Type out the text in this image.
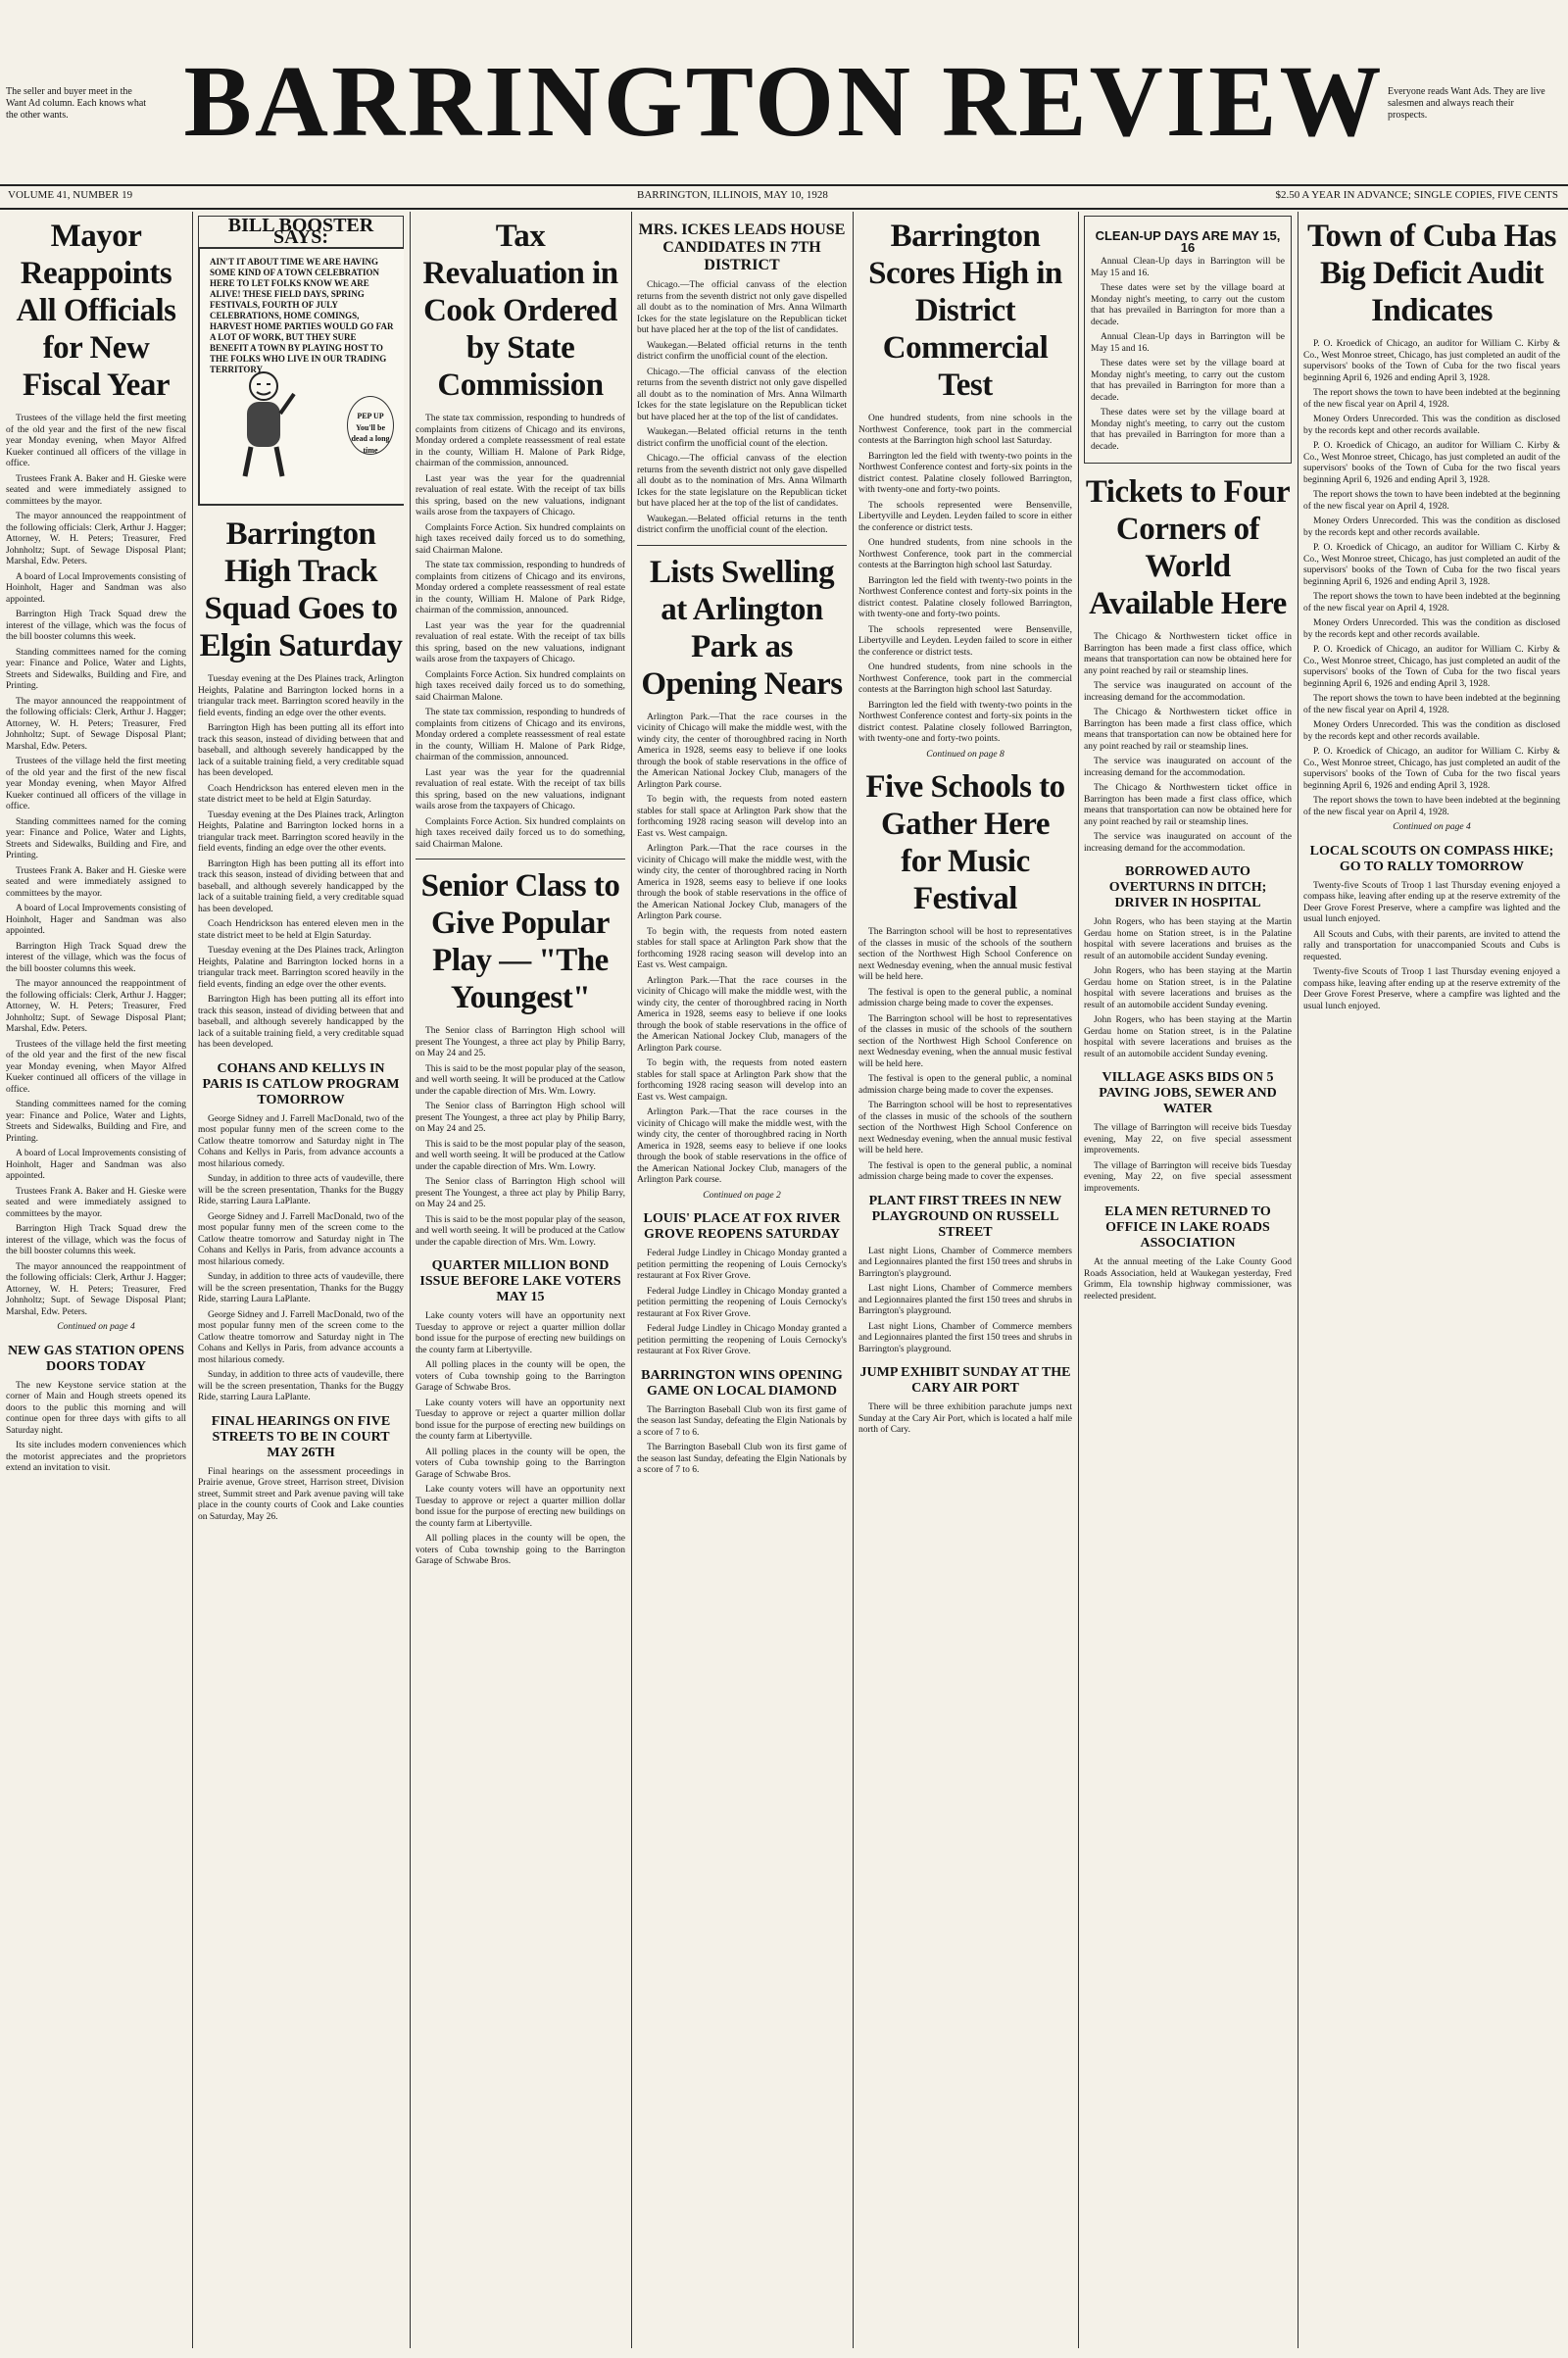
The seller and buyer meet in the Want Ad column. Each knows what the other wants.	BARRINGTON REVIEW Everyone reads Want Ads. They are live salesmen and always reach their prospects.
VOLUME 41, NUMBER 19	BARRINGTON, ILLINOIS, MAY 10, 1928	$2.50 A YEAR IN ADVANCE; SINGLE COPIES, FIVE CENTS
Mayor Reappoints All Officials for New Fiscal Year

Trustees of the village held the first meeting of the old year and the first of the new fiscal year Monday evening, when Mayor Alfred Kueker continued all officers of the village in office.

Trustees Frank A. Baker and H. Gieske were seated and were immediately assigned to committees by the mayor.

The mayor announced the reappointment of the following officials: Clerk, Arthur J. Hagger; Attorney, W. H. Peters; Treasurer, Fred Johnholtz; Supt. of Sewage Disposal Plant; Marshal, Edw. Peters.

A board of Local Improvements consisting of Hoinholt, Hager and Sandman was also appointed.

Barrington High Track Squad drew the interest of the village, which was the focus of the bill booster columns this week.

Standing committees named for the coming year: Finance and Police, Water and Lights, Streets and Sidewalks, Building and Fire, and Printing.

The mayor announced the reappointment of the following officials: Clerk, Arthur J. Hagger; Attorney, W. H. Peters; Treasurer, Fred Johnholtz; Supt. of Sewage Disposal Plant; Marshal, Edw. Peters.

Trustees of the village held the first meeting of the old year and the first of the new fiscal year Monday evening, when Mayor Alfred Kueker continued all officers of the village in office.

Standing committees named for the coming year: Finance and Police, Water and Lights, Streets and Sidewalks, Building and Fire, and Printing.

Trustees Frank A. Baker and H. Gieske were seated and were immediately assigned to committees by the mayor.

A board of Local Improvements consisting of Hoinholt, Hager and Sandman was also appointed.

Barrington High Track Squad drew the interest of the village, which was the focus of the bill booster columns this week.

The mayor announced the reappointment of the following officials: Clerk, Arthur J. Hagger; Attorney, W. H. Peters; Treasurer, Fred Johnholtz; Supt. of Sewage Disposal Plant; Marshal, Edw. Peters.

Trustees of the village held the first meeting of the old year and the first of the new fiscal year Monday evening, when Mayor Alfred Kueker continued all officers of the village in office.

Standing committees named for the coming year: Finance and Police, Water and Lights, Streets and Sidewalks, Building and Fire, and Printing.

A board of Local Improvements consisting of Hoinholt, Hager and Sandman was also appointed.

Trustees Frank A. Baker and H. Gieske were seated and were immediately assigned to committees by the mayor.

Barrington High Track Squad drew the interest of the village, which was the focus of the bill booster columns this week.

The mayor announced the reappointment of the following officials: Clerk, Arthur J. Hagger; Attorney, W. H. Peters; Treasurer, Fred Johnholtz; Supt. of Sewage Disposal Plant; Marshal, Edw. Peters.

Continued on page 4
NEW GAS STATION OPENS DOORS TODAY

The new Keystone service station at the corner of Main and Hough streets opened its doors to the public this morning and will continue open for three days with gifts to all Saturday night.

Its site includes modern conveniences which the motorist appreciates and the proprietors extend an invitation to visit.

BILL BOOSTER SAYS:
AIN'T IT ABOUT TIME WE ARE HAVING SOME KIND OF A TOWN CELEBRATION HERE TO LET FOLKS KNOW WE ARE ALIVE! THESE FIELD DAYS, SPRING FESTIVALS, FOURTH OF JULY CELEBRATIONS, HOME COMINGS, HARVEST HOME PARTIES WOULD GO FAR A LOT OF WORK, BUT THEY SURE BENEFIT A TOWN BY PLAYING HOST TO THE FOLKS WHO LIVE IN OUR TRADING TERRITORY
PEP UP You'll be dead a long time
Barrington High Track Squad Goes to Elgin Saturday

Tuesday evening at the Des Plaines track, Arlington Heights, Palatine and Barrington locked horns in a triangular track meet. Barrington scored heavily in the field events, finding an edge over the other events.

Barrington High has been putting all its effort into track this season, instead of dividing between that and baseball, and although severely handicapped by the lack of a suitable training field, a very creditable squad has been developed.

Coach Hendrickson has entered eleven men in the state district meet to be held at Elgin Saturday.

Tuesday evening at the Des Plaines track, Arlington Heights, Palatine and Barrington locked horns in a triangular track meet. Barrington scored heavily in the field events, finding an edge over the other events.

Barrington High has been putting all its effort into track this season, instead of dividing between that and baseball, and although severely handicapped by the lack of a suitable training field, a very creditable squad has been developed.

Coach Hendrickson has entered eleven men in the state district meet to be held at Elgin Saturday.

Tuesday evening at the Des Plaines track, Arlington Heights, Palatine and Barrington locked horns in a triangular track meet. Barrington scored heavily in the field events, finding an edge over the other events.

Barrington High has been putting all its effort into track this season, instead of dividing between that and baseball, and although severely handicapped by the lack of a suitable training field, a very creditable squad has been developed.

COHANS AND KELLYS IN PARIS IS CATLOW PROGRAM TOMORROW

George Sidney and J. Farrell MacDonald, two of the most popular funny men of the screen come to the Catlow theatre tomorrow and Saturday night in The Cohans and Kellys in Paris, from advance accounts a most hilarious comedy.

Sunday, in addition to three acts of vaudeville, there will be the screen presentation, Thanks for the Buggy Ride, starring Laura LaPlante.

George Sidney and J. Farrell MacDonald, two of the most popular funny men of the screen come to the Catlow theatre tomorrow and Saturday night in The Cohans and Kellys in Paris, from advance accounts a most hilarious comedy.

Sunday, in addition to three acts of vaudeville, there will be the screen presentation, Thanks for the Buggy Ride, starring Laura LaPlante.

George Sidney and J. Farrell MacDonald, two of the most popular funny men of the screen come to the Catlow theatre tomorrow and Saturday night in The Cohans and Kellys in Paris, from advance accounts a most hilarious comedy.

Sunday, in addition to three acts of vaudeville, there will be the screen presentation, Thanks for the Buggy Ride, starring Laura LaPlante.

FINAL HEARINGS ON FIVE STREETS TO BE IN COURT MAY 26TH

Final hearings on the assessment proceedings in Prairie avenue, Grove street, Harrison street, Division street, Summit street and Park avenue paving will take place in the county courts of Cook and Lake counties on Saturday, May 26.

Tax Revaluation in Cook Ordered by State Commission

The state tax commission, responding to hundreds of complaints from citizens of Chicago and its environs, Monday ordered a complete reassessment of real estate in the county, William H. Malone of Park Ridge, chairman of the commission, announced.

Last year was the year for the quadrennial revaluation of real estate. With the receipt of tax bills this spring, based on the new valuations, indignant wails arose from the taxpayers of Chicago.

Complaints Force Action. Six hundred complaints on high taxes received daily forced us to do something, said Chairman Malone.

The state tax commission, responding to hundreds of complaints from citizens of Chicago and its environs, Monday ordered a complete reassessment of real estate in the county, William H. Malone of Park Ridge, chairman of the commission, announced.

Last year was the year for the quadrennial revaluation of real estate. With the receipt of tax bills this spring, based on the new valuations, indignant wails arose from the taxpayers of Chicago.

Complaints Force Action. Six hundred complaints on high taxes received daily forced us to do something, said Chairman Malone.

The state tax commission, responding to hundreds of complaints from citizens of Chicago and its environs, Monday ordered a complete reassessment of real estate in the county, William H. Malone of Park Ridge, chairman of the commission, announced.

Last year was the year for the quadrennial revaluation of real estate. With the receipt of tax bills this spring, based on the new valuations, indignant wails arose from the taxpayers of Chicago.

Complaints Force Action. Six hundred complaints on high taxes received daily forced us to do something, said Chairman Malone.

Senior Class to Give Popular Play — "The Youngest"

The Senior class of Barrington High school will present The Youngest, a three act play by Philip Barry, on May 24 and 25.

This is said to be the most popular play of the season, and well worth seeing. It will be produced at the Catlow under the capable direction of Mrs. Wm. Lowry.

The Senior class of Barrington High school will present The Youngest, a three act play by Philip Barry, on May 24 and 25.

This is said to be the most popular play of the season, and well worth seeing. It will be produced at the Catlow under the capable direction of Mrs. Wm. Lowry.

The Senior class of Barrington High school will present The Youngest, a three act play by Philip Barry, on May 24 and 25.

This is said to be the most popular play of the season, and well worth seeing. It will be produced at the Catlow under the capable direction of Mrs. Wm. Lowry.

QUARTER MILLION BOND ISSUE BEFORE LAKE VOTERS MAY 15

Lake county voters will have an opportunity next Tuesday to approve or reject a quarter million dollar bond issue for the purpose of erecting new buildings on the county farm at Libertyville.

All polling places in the county will be open, the voters of Cuba township going to the Barrington Garage of Schwabe Bros.

Lake county voters will have an opportunity next Tuesday to approve or reject a quarter million dollar bond issue for the purpose of erecting new buildings on the county farm at Libertyville.

All polling places in the county will be open, the voters of Cuba township going to the Barrington Garage of Schwabe Bros.

Lake county voters will have an opportunity next Tuesday to approve or reject a quarter million dollar bond issue for the purpose of erecting new buildings on the county farm at Libertyville.

All polling places in the county will be open, the voters of Cuba township going to the Barrington Garage of Schwabe Bros.

MRS. ICKES LEADS HOUSE CANDIDATES IN 7TH DISTRICT

Chicago.—The official canvass of the election returns from the seventh district not only gave dispelled all doubt as to the nomination of Mrs. Anna Wilmarth Ickes for the state legislature on the Republican ticket but have placed her at the top of the list of candidates.

Waukegan.—Belated official returns in the tenth district confirm the unofficial count of the election.

Chicago.—The official canvass of the election returns from the seventh district not only gave dispelled all doubt as to the nomination of Mrs. Anna Wilmarth Ickes for the state legislature on the Republican ticket but have placed her at the top of the list of candidates.

Waukegan.—Belated official returns in the tenth district confirm the unofficial count of the election.

Chicago.—The official canvass of the election returns from the seventh district not only gave dispelled all doubt as to the nomination of Mrs. Anna Wilmarth Ickes for the state legislature on the Republican ticket but have placed her at the top of the list of candidates.

Waukegan.—Belated official returns in the tenth district confirm the unofficial count of the election.

Lists Swelling at Arlington Park as Opening Nears

Arlington Park.—That the race courses in the vicinity of Chicago will make the middle west, with the windy city, the center of thoroughbred racing in North America in 1928, seems easy to believe if one looks through the book of stable reservations in the office of the American National Jockey Club, managers of the Arlington Park course.

To begin with, the requests from noted eastern stables for stall space at Arlington Park show that the forthcoming 1928 racing season will develop into an East vs. West campaign.

Arlington Park.—That the race courses in the vicinity of Chicago will make the middle west, with the windy city, the center of thoroughbred racing in North America in 1928, seems easy to believe if one looks through the book of stable reservations in the office of the American National Jockey Club, managers of the Arlington Park course.

To begin with, the requests from noted eastern stables for stall space at Arlington Park show that the forthcoming 1928 racing season will develop into an East vs. West campaign.

Arlington Park.—That the race courses in the vicinity of Chicago will make the middle west, with the windy city, the center of thoroughbred racing in North America in 1928, seems easy to believe if one looks through the book of stable reservations in the office of the American National Jockey Club, managers of the Arlington Park course.

To begin with, the requests from noted eastern stables for stall space at Arlington Park show that the forthcoming 1928 racing season will develop into an East vs. West campaign.

Arlington Park.—That the race courses in the vicinity of Chicago will make the middle west, with the windy city, the center of thoroughbred racing in North America in 1928, seems easy to believe if one looks through the book of stable reservations in the office of the American National Jockey Club, managers of the Arlington Park course.

Continued on page 2
LOUIS' PLACE AT FOX RIVER GROVE REOPENS SATURDAY

Federal Judge Lindley in Chicago Monday granted a petition permitting the reopening of Louis Cernocky's restaurant at Fox River Grove.

Federal Judge Lindley in Chicago Monday granted a petition permitting the reopening of Louis Cernocky's restaurant at Fox River Grove.

Federal Judge Lindley in Chicago Monday granted a petition permitting the reopening of Louis Cernocky's restaurant at Fox River Grove.

BARRINGTON WINS OPENING GAME ON LOCAL DIAMOND

The Barrington Baseball Club won its first game of the season last Sunday, defeating the Elgin Nationals by a score of 7 to 6.

The Barrington Baseball Club won its first game of the season last Sunday, defeating the Elgin Nationals by a score of 7 to 6.

Barrington Scores High in District Commercial Test

One hundred students, from nine schools in the Northwest Conference, took part in the commercial contests at the Barrington high school last Saturday.

Barrington led the field with twenty-two points in the Northwest Conference contest and forty-six points in the district contest. Palatine closely followed Barrington, with twenty-one and forty-two points.

The schools represented were Bensenville, Libertyville and Leyden. Leyden failed to score in either the conference or district tests.

One hundred students, from nine schools in the Northwest Conference, took part in the commercial contests at the Barrington high school last Saturday.

Barrington led the field with twenty-two points in the Northwest Conference contest and forty-six points in the district contest. Palatine closely followed Barrington, with twenty-one and forty-two points.

The schools represented were Bensenville, Libertyville and Leyden. Leyden failed to score in either the conference or district tests.

One hundred students, from nine schools in the Northwest Conference, took part in the commercial contests at the Barrington high school last Saturday.

Barrington led the field with twenty-two points in the Northwest Conference contest and forty-six points in the district contest. Palatine closely followed Barrington, with twenty-one and forty-two points.

Continued on page 8
Five Schools to Gather Here for Music Festival

The Barrington school will be host to representatives of the classes in music of the schools of the southern section of the Northwest High School Conference on next Wednesday evening, when the annual music festival will be held here.

The festival is open to the general public, a nominal admission charge being made to cover the expenses.

The Barrington school will be host to representatives of the classes in music of the schools of the southern section of the Northwest High School Conference on next Wednesday evening, when the annual music festival will be held here.

The festival is open to the general public, a nominal admission charge being made to cover the expenses.

The Barrington school will be host to representatives of the classes in music of the schools of the southern section of the Northwest High School Conference on next Wednesday evening, when the annual music festival will be held here.

The festival is open to the general public, a nominal admission charge being made to cover the expenses.

PLANT FIRST TREES IN NEW PLAYGROUND ON RUSSELL STREET

Last night Lions, Chamber of Commerce members and Legionnaires planted the first 150 trees and shrubs in Barrington's playground.

Last night Lions, Chamber of Commerce members and Legionnaires planted the first 150 trees and shrubs in Barrington's playground.

Last night Lions, Chamber of Commerce members and Legionnaires planted the first 150 trees and shrubs in Barrington's playground.

JUMP EXHIBIT SUNDAY AT THE CARY AIR PORT

There will be three exhibition parachute jumps next Sunday at the Cary Air Port, which is located a half mile north of Cary.

CLEAN-UP DAYS ARE MAY 15, 16

Annual Clean-Up days in Barrington will be May 15 and 16.

These dates were set by the village board at Monday night's meeting, to carry out the custom that has prevailed in Barrington for more than a decade.

Annual Clean-Up days in Barrington will be May 15 and 16.

These dates were set by the village board at Monday night's meeting, to carry out the custom that has prevailed in Barrington for more than a decade.

These dates were set by the village board at Monday night's meeting, to carry out the custom that has prevailed in Barrington for more than a decade.

Tickets to Four Corners of World Available Here

The Chicago & Northwestern ticket office in Barrington has been made a first class office, which means that transportation can now be obtained here for any point reached by rail or steamship lines.

The service was inaugurated on account of the increasing demand for the accommodation.

The Chicago & Northwestern ticket office in Barrington has been made a first class office, which means that transportation can now be obtained here for any point reached by rail or steamship lines.

The service was inaugurated on account of the increasing demand for the accommodation.

The Chicago & Northwestern ticket office in Barrington has been made a first class office, which means that transportation can now be obtained here for any point reached by rail or steamship lines.

The service was inaugurated on account of the increasing demand for the accommodation.

BORROWED AUTO OVERTURNS IN DITCH; DRIVER IN HOSPITAL

John Rogers, who has been staying at the Martin Gerdau home on Station street, is in the Palatine hospital with severe lacerations and bruises as the result of an automobile accident Sunday evening.

John Rogers, who has been staying at the Martin Gerdau home on Station street, is in the Palatine hospital with severe lacerations and bruises as the result of an automobile accident Sunday evening.

John Rogers, who has been staying at the Martin Gerdau home on Station street, is in the Palatine hospital with severe lacerations and bruises as the result of an automobile accident Sunday evening.

VILLAGE ASKS BIDS ON 5 PAVING JOBS, SEWER AND WATER

The village of Barrington will receive bids Tuesday evening, May 22, on five special assessment improvements.

The village of Barrington will receive bids Tuesday evening, May 22, on five special assessment improvements.

ELA MEN RETURNED TO OFFICE IN LAKE ROADS ASSOCIATION

At the annual meeting of the Lake County Good Roads Association, held at Waukegan yesterday, Fred Grimm, Ela township highway commissioner, was reelected president.

Town of Cuba Has Big Deficit Audit Indicates

P. O. Kroedick of Chicago, an auditor for William C. Kirby & Co., West Monroe street, Chicago, has just completed an audit of the supervisors' books of the Town of Cuba for the two fiscal years beginning April 6, 1926 and ending April 3, 1928.

The report shows the town to have been indebted at the beginning of the new fiscal year on April 4, 1928.

Money Orders Unrecorded. This was the condition as disclosed by the records kept and other records available.

P. O. Kroedick of Chicago, an auditor for William C. Kirby & Co., West Monroe street, Chicago, has just completed an audit of the supervisors' books of the Town of Cuba for the two fiscal years beginning April 6, 1926 and ending April 3, 1928.

The report shows the town to have been indebted at the beginning of the new fiscal year on April 4, 1928.

Money Orders Unrecorded. This was the condition as disclosed by the records kept and other records available.

P. O. Kroedick of Chicago, an auditor for William C. Kirby & Co., West Monroe street, Chicago, has just completed an audit of the supervisors' books of the Town of Cuba for the two fiscal years beginning April 6, 1926 and ending April 3, 1928.

The report shows the town to have been indebted at the beginning of the new fiscal year on April 4, 1928.

Money Orders Unrecorded. This was the condition as disclosed by the records kept and other records available.

P. O. Kroedick of Chicago, an auditor for William C. Kirby & Co., West Monroe street, Chicago, has just completed an audit of the supervisors' books of the Town of Cuba for the two fiscal years beginning April 6, 1926 and ending April 3, 1928.

The report shows the town to have been indebted at the beginning of the new fiscal year on April 4, 1928.

Money Orders Unrecorded. This was the condition as disclosed by the records kept and other records available.

P. O. Kroedick of Chicago, an auditor for William C. Kirby & Co., West Monroe street, Chicago, has just completed an audit of the supervisors' books of the Town of Cuba for the two fiscal years beginning April 6, 1926 and ending April 3, 1928.

The report shows the town to have been indebted at the beginning of the new fiscal year on April 4, 1928.

Continued on page 4
LOCAL SCOUTS ON COMPASS HIKE; GO TO RALLY TOMORROW

Twenty-five Scouts of Troop 1 last Thursday evening enjoyed a compass hike, leaving after ending up at the reserve extremity of the Deer Grove Forest Preserve, where a campfire was lighted and the usual lunch enjoyed.

All Scouts and Cubs, with their parents, are invited to attend the rally and transportation for unaccompanied Scouts and Cubs is requested.

Twenty-five Scouts of Troop 1 last Thursday evening enjoyed a compass hike, leaving after ending up at the reserve extremity of the Deer Grove Forest Preserve, where a campfire was lighted and the usual lunch enjoyed.
